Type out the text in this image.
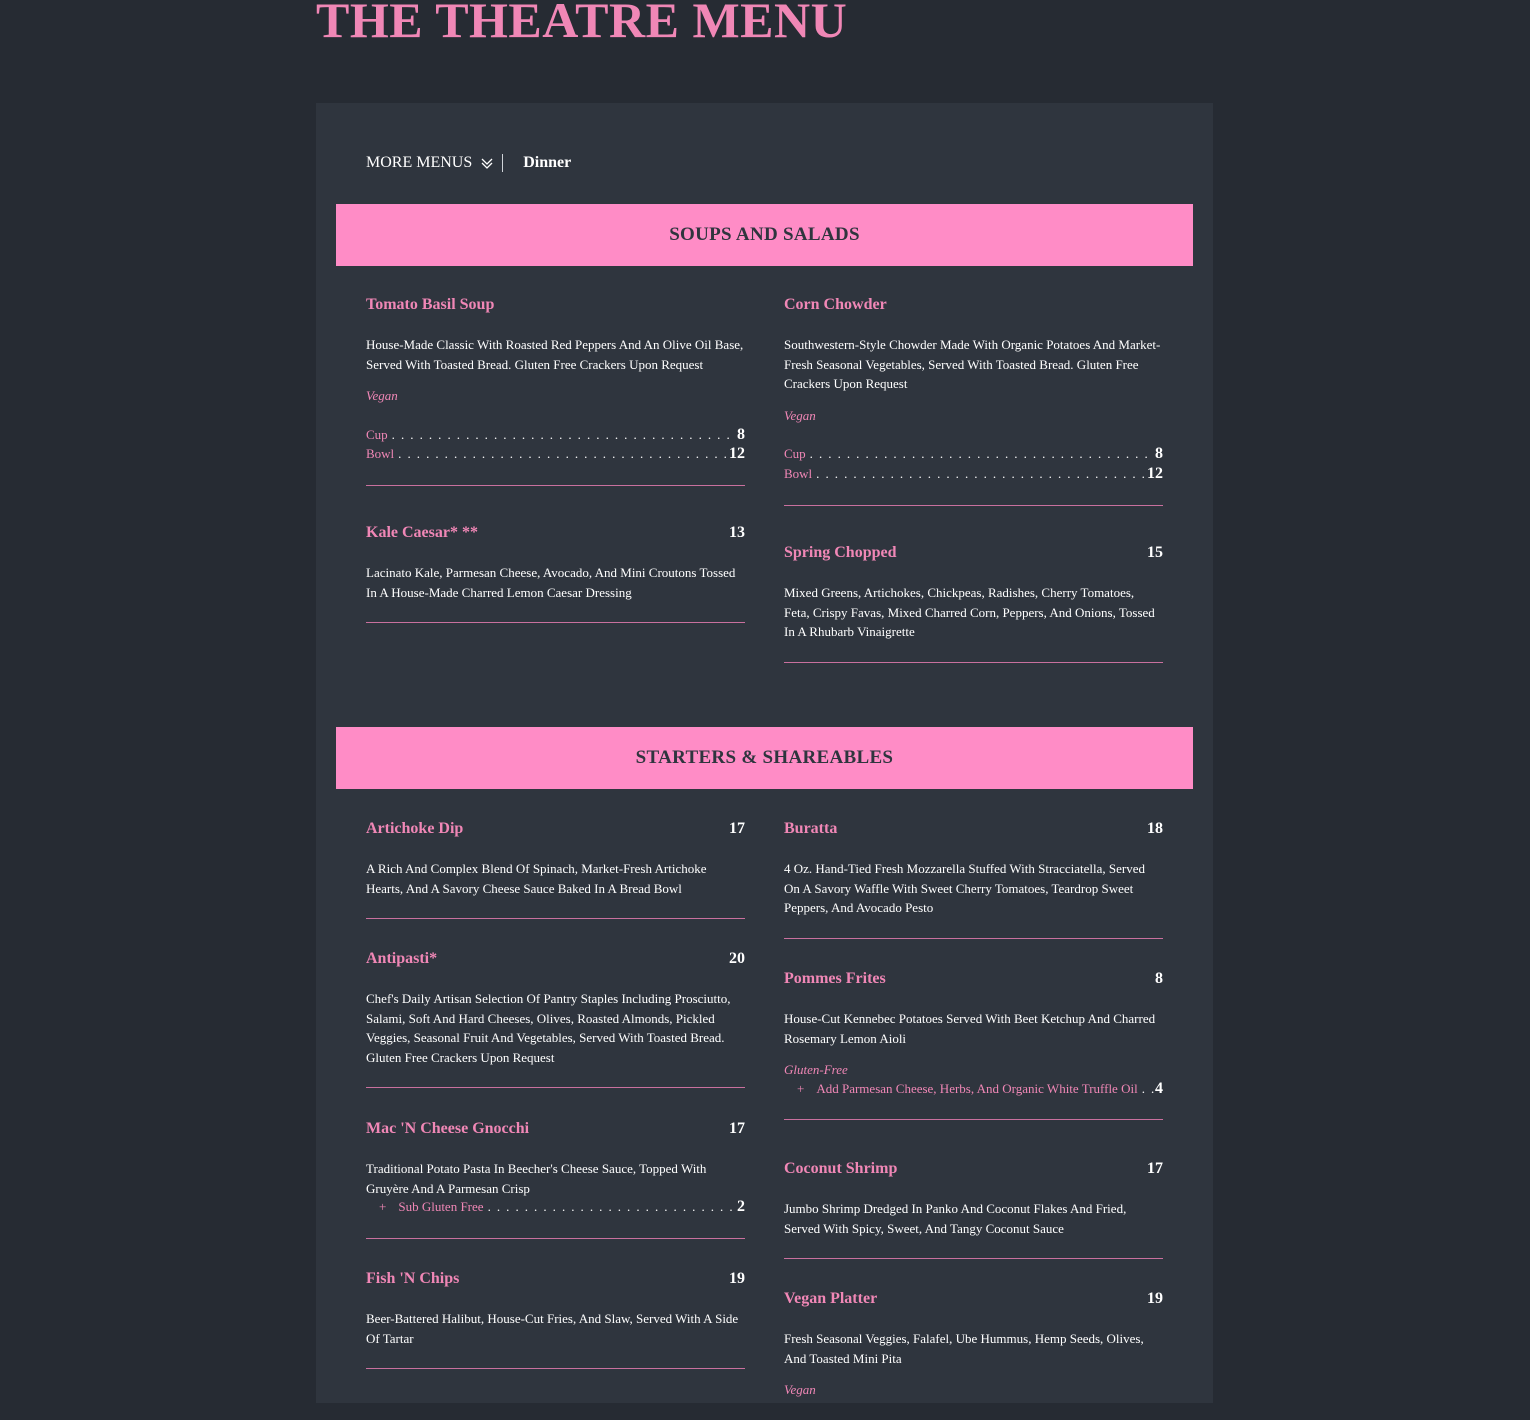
THE THEATRE MENU
MORE MENUS	Dinner
SOUPS AND SALADS
Tomato Basil Soup
House-Made Classic With Roasted Red Peppers And An Olive Oil Base, Served With Toasted Bread. Gluten Free Crackers Upon Request
Vegan
Cup . . .	8
Bowl . . .	12
Corn Chowder
Southwestern-Style Chowder Made With Organic Potatoes And Market-Fresh Seasonal Vegetables, Served With Toasted Bread. Gluten Free Crackers Upon Request
Vegan
Cup . . .	8
Bowl . . .	12
Kale Caesar* **	13
Lacinato Kale, Parmesan Cheese, Avocado, And Mini Croutons Tossed In A House-Made Charred Lemon Caesar Dressing
Spring Chopped	15
Mixed Greens, Artichokes, Chickpeas, Radishes, Cherry Tomatoes, Feta, Crispy Favas, Mixed Charred Corn, Peppers, And Onions, Tossed In A Rhubarb Vinaigrette
STARTERS & SHAREABLES
Artichoke Dip	17
A Rich And Complex Blend Of Spinach, Market-Fresh Artichoke Hearts, And A Savory Cheese Sauce Baked In A Bread Bowl
Buratta	18
4 Oz. Hand-Tied Fresh Mozzarella Stuffed With Stracciatella, Served On A Savory Waffle With Sweet Cherry Tomatoes, Teardrop Sweet Peppers, And Avocado Pesto
Antipasti*	20
Chef's Daily Artisan Selection Of Pantry Staples Including Prosciutto, Salami, Soft And Hard Cheeses, Olives, Roasted Almonds, Pickled Veggies, Seasonal Fruit And Vegetables, Served With Toasted Bread. Gluten Free Crackers Upon Request
Pommes Frites	8
House-Cut Kennebec Potatoes Served With Beet Ketchup And Charred Rosemary Lemon Aioli
Gluten-Free
+ Add Parmesan Cheese, Herbs, And Organic White Truffle Oil . . . 4
Mac 'N Cheese Gnocchi	17
Traditional Potato Pasta In Beecher's Cheese Sauce, Topped With Gruyère And A Parmesan Crisp
+ Sub Gluten Free . . .	2
Coconut Shrimp	17
Jumbo Shrimp Dredged In Panko And Coconut Flakes And Fried, Served With Spicy, Sweet, And Tangy Coconut Sauce
Fish 'N Chips	19
Beer-Battered Halibut, House-Cut Fries, And Slaw, Served With A Side Of Tartar
Vegan Platter	19
Fresh Seasonal Veggies, Falafel, Ube Hummus, Hemp Seeds, Olives, And Toasted Mini Pita
Vegan
